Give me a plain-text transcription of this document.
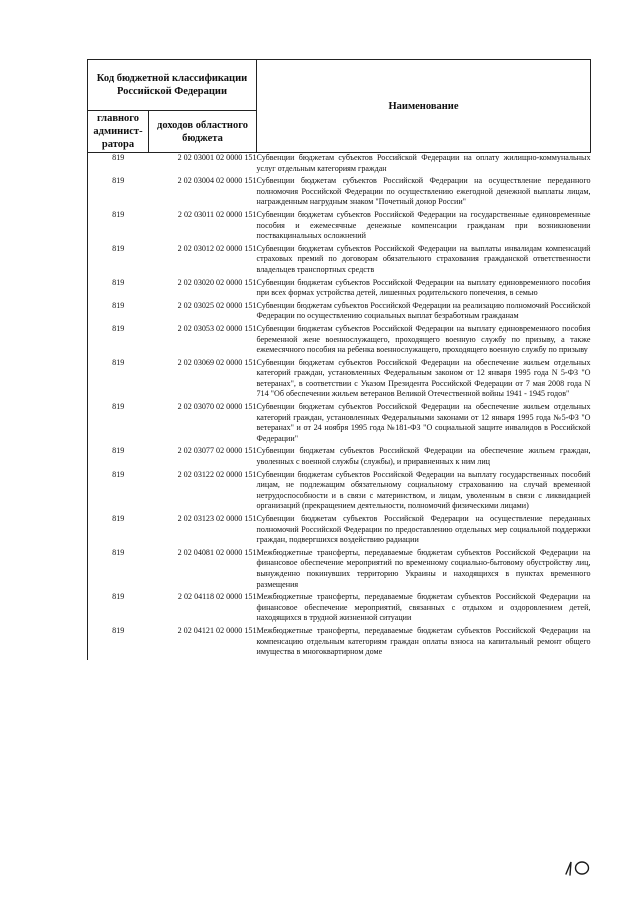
Код бюджетной классификации Российской Федерации		Наименование
главного админист-ратора	доходов областного бюджета	
819	2 02 03001 02 0000 151	Субвенции бюджетам субъектов Российской Федерации на оплату жилищно-коммунальных услуг отдельным категориям граждан
819	2 02 03004 02 0000 151	Субвенции бюджетам субъектов Российской Федерации на осуществление переданного полномочия Российской Федерации по осуществлению ежегодной денежной выплаты лицам, награжденным нагрудным знаком "Почетный донор России"
819	2 02 03011 02 0000 151	Субвенции бюджетам субъектов Российской Федерации на государственные единовременные пособия и ежемесячные денежные компенсации гражданам при возникновении поствакцинальных осложнений
819	2 02 03012 02 0000 151	Субвенции бюджетам субъектов Российской Федерации на выплаты инвалидам компенсаций страховых премий по договорам обязательного страхования гражданской ответственности владельцев транспортных средств
819	2 02 03020 02 0000 151	Субвенции бюджетам субъектов Российской Федерации на выплату единовременного пособия при всех формах устройства детей, лишенных родительского попечения, в семью
819	2 02 03025 02 0000 151	Субвенции бюджетам субъектов Российской Федерации на реализацию полномочий Российской Федерации по осуществлению социальных выплат безработным гражданам
819	2 02 03053 02 0000 151	Субвенции бюджетам субъектов Российской Федерации на выплату единовременного пособия беременной жене военнослужащего, проходящего военную службу по призыву, а также ежемесячного пособия на ребенка военнослужащего, проходящего военную службу по призыву
819	2 02 03069 02 0000 151	Субвенции бюджетам субъектов Российской Федерации на обеспечение жильем отдельных категорий граждан, установленных Федеральным законом от 12 января 1995 года N 5-ФЗ "О ветеранах", в соответствии с Указом Президента Российской Федерации от 7 мая 2008 года N 714 "Об обеспечении жильем ветеранов Великой Отечественной войны 1941 - 1945 годов"
819	2 02 03070 02 0000 151	Субвенции бюджетам субъектов Российской Федерации на обеспечение жильем отдельных категорий граждан, установленных Федеральными законами от 12 января 1995 года №5-ФЗ "О ветеранах" и от 24 ноября 1995 года №181-ФЗ "О социальной защите инвалидов в Российской Федерации"
819	2 02 03077 02 0000 151	Субвенции бюджетам субъектов Российской Федерации на обеспечение жильем граждан, уволенных с военной службы (службы), и приравненных к ним лиц
819	2 02 03122 02 0000 151	Субвенции бюджетам субъектов Российской Федерации на выплату государственных пособий лицам, не подлежащим обязательному социальному страхованию на случай временной нетрудоспособности и в связи с материнством, и лицам, уволенным в связи с ликвидацией организаций (прекращением деятельности, полномочий физическими лицами)
819	2 02 03123 02 0000 151	Субвенции бюджетам субъектов Российской Федерации на осуществление переданных полномочий Российской Федерации по предоставлению отдельных мер социальной поддержки граждан, подвергшихся воздействию радиации
819	2 02 04081 02 0000 151	Межбюджетные трансферты, передаваемые бюджетам субъектов Российской Федерации на финансовое обеспечение мероприятий по временному социально-бытовому обустройству лиц, вынужденно покинувших территорию Украины и находящихся в пунктах временного размещения
819	2 02 04118 02 0000 151	Межбюджетные трансферты, передаваемые бюджетам субъектов Российской Федерации на финансовое обеспечение мероприятий, связанных с отдыхом и оздоровлением детей, находящихся в трудной жизненной ситуации
819	2 02 04121 02 0000 151	Межбюджетные трансферты, передаваемые бюджетам субъектов Российской Федерации на компенсацию отдельным категориям граждан оплаты взноса на капитальный ремонт общего имущества в многоквартирном доме
